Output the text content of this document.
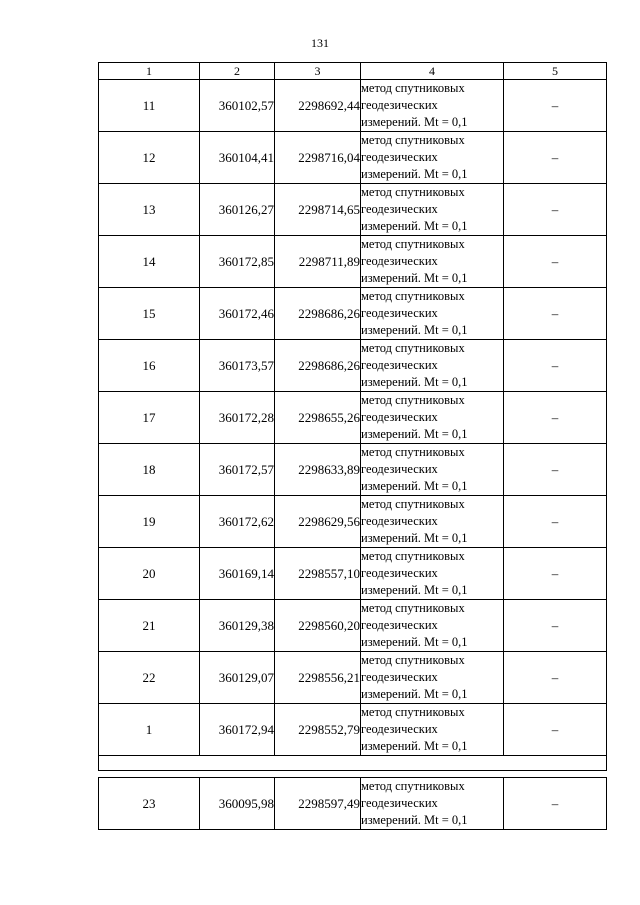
131
1	2	3	4	5
11	360102,57	2298692,44	метод спутниковых
геодезических
измерений. Mt = 0,1	–
12	360104,41	2298716,04	метод спутниковых
геодезических
измерений. Mt = 0,1	–
13	360126,27	2298714,65	метод спутниковых
геодезических
измерений. Mt = 0,1	–
14	360172,85	2298711,89	метод спутниковых
геодезических
измерений. Mt = 0,1	–
15	360172,46	2298686,26	метод спутниковых
геодезических
измерений. Mt = 0,1	–
16	360173,57	2298686,26	метод спутниковых
геодезических
измерений. Mt = 0,1	–
17	360172,28	2298655,26	метод спутниковых
геодезических
измерений. Mt = 0,1	–
18	360172,57	2298633,89	метод спутниковых
геодезических
измерений. Mt = 0,1	–
19	360172,62	2298629,56	метод спутниковых
геодезических
измерений. Mt = 0,1	–
20	360169,14	2298557,10	метод спутниковых
геодезических
измерений. Mt = 0,1	–
21	360129,38	2298560,20	метод спутниковых
геодезических
измерений. Mt = 0,1	–
22	360129,07	2298556,21	метод спутниковых
геодезических
измерений. Mt = 0,1	–
1	360172,94	2298552,79	метод спутниковых
геодезических
измерений. Mt = 0,1	–

23	360095,98	2298597,49	метод спутниковых
геодезических
измерений. Mt = 0,1	–
